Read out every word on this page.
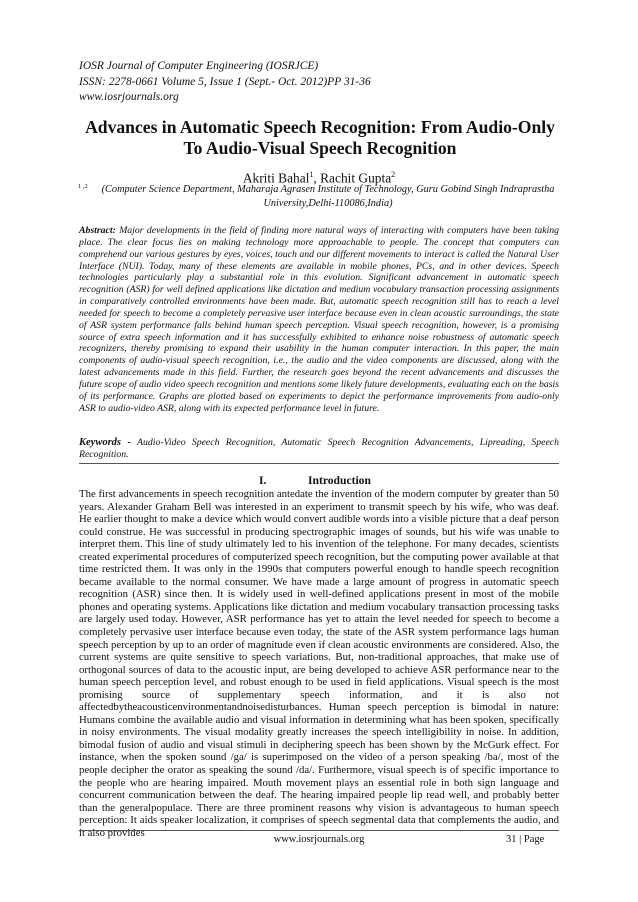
IOSR Journal of Computer Engineering (IOSRJCE)
ISSN: 2278-0661 Volume 5, Issue 1 (Sept.- Oct. 2012)PP 31-36
www.iosrjournals.org
Advances in Automatic Speech Recognition: From Audio-Only
To Audio-Visual Speech Recognition
Akriti Bahal$^1$, Rachit Gupta$^2$
1 ,2	(Computer Science Department, Maharaja Agrasen Institute of Technology, Guru Gobind Singh Indraprastha
University,Delhi-110086,India)
Abstract: Major developments in the field of finding more natural ways of interacting with computers have been taking place. The clear focus lies on making technology more approachable to people. The concept that computers can comprehend our various gestures by eyes, voices, touch and our different movements to interact is called the Natural User Interface (NUI). Today, many of these elements are available in mobile phones, PCs, and in other devices. Speech technologies particularly play a substantial role in this evolution. Significant advancement in automatic speech recognition (ASR) for well defined applications like dictation and medium vocabulary transaction processing assignments in comparatively controlled environments have been made. But, automatic speech recognition still has to reach a level needed for speech to become a completely pervasive user interface because even in clean acoustic surroundings, the state of ASR system performance falls behind human speech perception. Visual speech recognition, however, is a promising source of extra speech information and it has successfully exhibited to enhance noise robustness of automatic speech recognizers, thereby promising to expand their usability in the human computer interaction. In this paper, the main components of audio-visual speech recognition, i.e., the audio and the video components are discussed, along with the latest advancements made in this field. Further, the research goes beyond the recent advancements and discusses the future scope of audio video speech recognition and mentions some likely future developments, evaluating each on the basis of its performance. Graphs are plotted based on experiments to depict the performance improvements from audio-only ASR to audio-video ASR, along with its expected performance level in future.
Keywords - Audio-Video Speech Recognition, Automatic Speech Recognition Advancements, Lipreading, Speech Recognition.
I.	Introduction
The first advancements in speech recognition antedate the invention of the modern computer by greater than 50 years. Alexander Graham Bell was interested in an experiment to transmit speech by his wife, who was deaf. He earlier thought to make a device which would convert audible words into a visible picture that a deaf person could construe. He was successful in producing spectrographic images of sounds, but his wife was unable to interpret them. This line of study ultimately led to his invention of the telephone. For many decades, scientists created experimental procedures of computerized speech recognition, but the computing power available at that time restricted them. It was only in the 1990s that computers powerful enough to handle speech recognition became available to the normal consumer. We have made a large amount of progress in automatic speech recognition (ASR) since then. It is widely used in well-defined applications present in most of the mobile phones and operating systems. Applications like dictation and medium vocabulary transaction processing tasks are largely used today. However, ASR performance has yet to attain the level needed for speech to become a completely pervasive user interface because even today, the state of the ASR system performance lags human speech perception by up to an order of magnitude even if clean acoustic environments are considered. Also, the current systems are quite sensitive to speech variations. But, non-traditional approaches, that make use of orthogonal sources of data to the acoustic input, are being developed to achieve ASR performance near to the human speech perception level, and robust enough to be used in field applications. Visual speech is the most promising source of supplementary speech information, and it is also not affectedbytheacousticenvironmentandnoisedisturbances. Human speech perception is bimodal in nature: Humans combine the available audio and visual information in determining what has been spoken, specifically in noisy environments. The visual modality greatly increases the speech intelligibility in noise. In addition, bimodal fusion of audio and visual stimuli in deciphering speech has been shown by the McGurk effect. For instance, when the spoken sound /ga/ is superimposed on the video of a person speaking /ba/, most of the people decipher the orator as speaking the sound /da/. Furthermore, visual speech is of specific importance to the people who are hearing impaired. Mouth movement plays an essential role in both sign language and concurrent communication between the deaf. The hearing impaired people lip read well, and probably better than the generalpopulace. There are three prominent reasons why vision is advantageous to human speech perception: It aids speaker localization, it comprises of speech segmental data that complements the audio, and it also provides
www.iosrjournals.org	31 | Page
